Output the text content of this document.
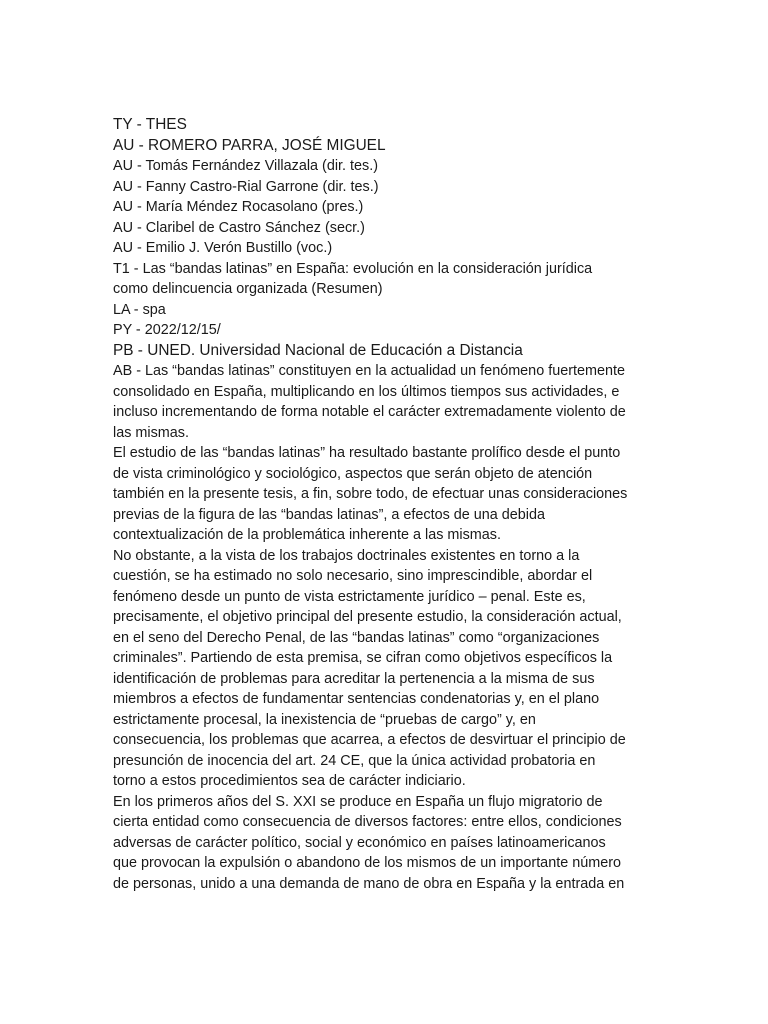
TY - THES
AU - ROMERO PARRA, JOSÉ MIGUEL
AU - Tomás Fernández Villazala (dir. tes.)
AU - Fanny Castro-Rial Garrone (dir. tes.)
AU - María Méndez Rocasolano (pres.)
AU - Claribel de Castro Sánchez (secr.)
AU - Emilio J. Verón Bustillo (voc.)
T1 - Las “bandas latinas” en España: evolución en la consideración jurídica
como delincuencia organizada (Resumen)
LA - spa
PY - 2022/12/15/
PB - UNED. Universidad Nacional de Educación a Distancia
AB - Las “bandas latinas” constituyen en la actualidad un fenómeno fuertemente
consolidado en España, multiplicando en los últimos tiempos sus actividades, e
incluso incrementando de forma notable el carácter extremadamente violento de
las mismas.
El estudio de las “bandas latinas” ha resultado bastante prolífico desde el punto
de vista criminológico y sociológico, aspectos que serán objeto de atención
también en la presente tesis, a fin, sobre todo, de efectuar unas consideraciones
previas de la figura de las “bandas latinas”, a efectos de una debida
contextualización de la problemática inherente a las mismas.
No obstante, a la vista de los trabajos doctrinales existentes en torno a la
cuestión, se ha estimado no solo necesario, sino imprescindible, abordar el
fenómeno desde un punto de vista estrictamente jurídico – penal. Este es,
precisamente, el objetivo principal del presente estudio, la consideración actual,
en el seno del Derecho Penal, de las “bandas latinas” como “organizaciones
criminales”. Partiendo de esta premisa, se cifran como objetivos específicos la
identificación de problemas para acreditar la pertenencia a la misma de sus
miembros a efectos de fundamentar sentencias condenatorias y, en el plano
estrictamente procesal, la inexistencia de “pruebas de cargo” y, en
consecuencia, los problemas que acarrea, a efectos de desvirtuar el principio de
presunción de inocencia del art. 24 CE, que la única actividad probatoria en
torno a estos procedimientos sea de carácter indiciario.
En los primeros años del S. XXI se produce en España un flujo migratorio de
cierta entidad como consecuencia de diversos factores: entre ellos, condiciones
adversas de carácter político, social y económico en países latinoamericanos
que provocan la expulsión o abandono de los mismos de un importante número
de personas, unido a una demanda de mano de obra en España y la entrada en
